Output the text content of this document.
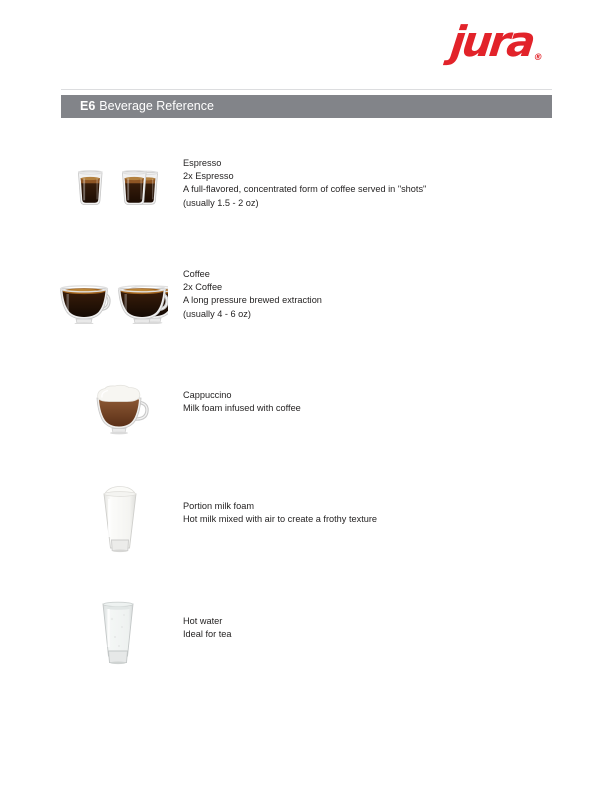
jura®
E6 Beverage Reference
Espresso
2x Espresso
A full-flavored, concentrated form of coffee served in "shots"
(usually 1.5 - 2 oz)
Coffee
2x Coffee
A long pressure brewed extraction
(usually 4 - 6 oz)
Cappuccino
Milk foam infused with coffee
Portion milk foam
Hot milk mixed with air to create a frothy texture
Hot water
Ideal for tea
